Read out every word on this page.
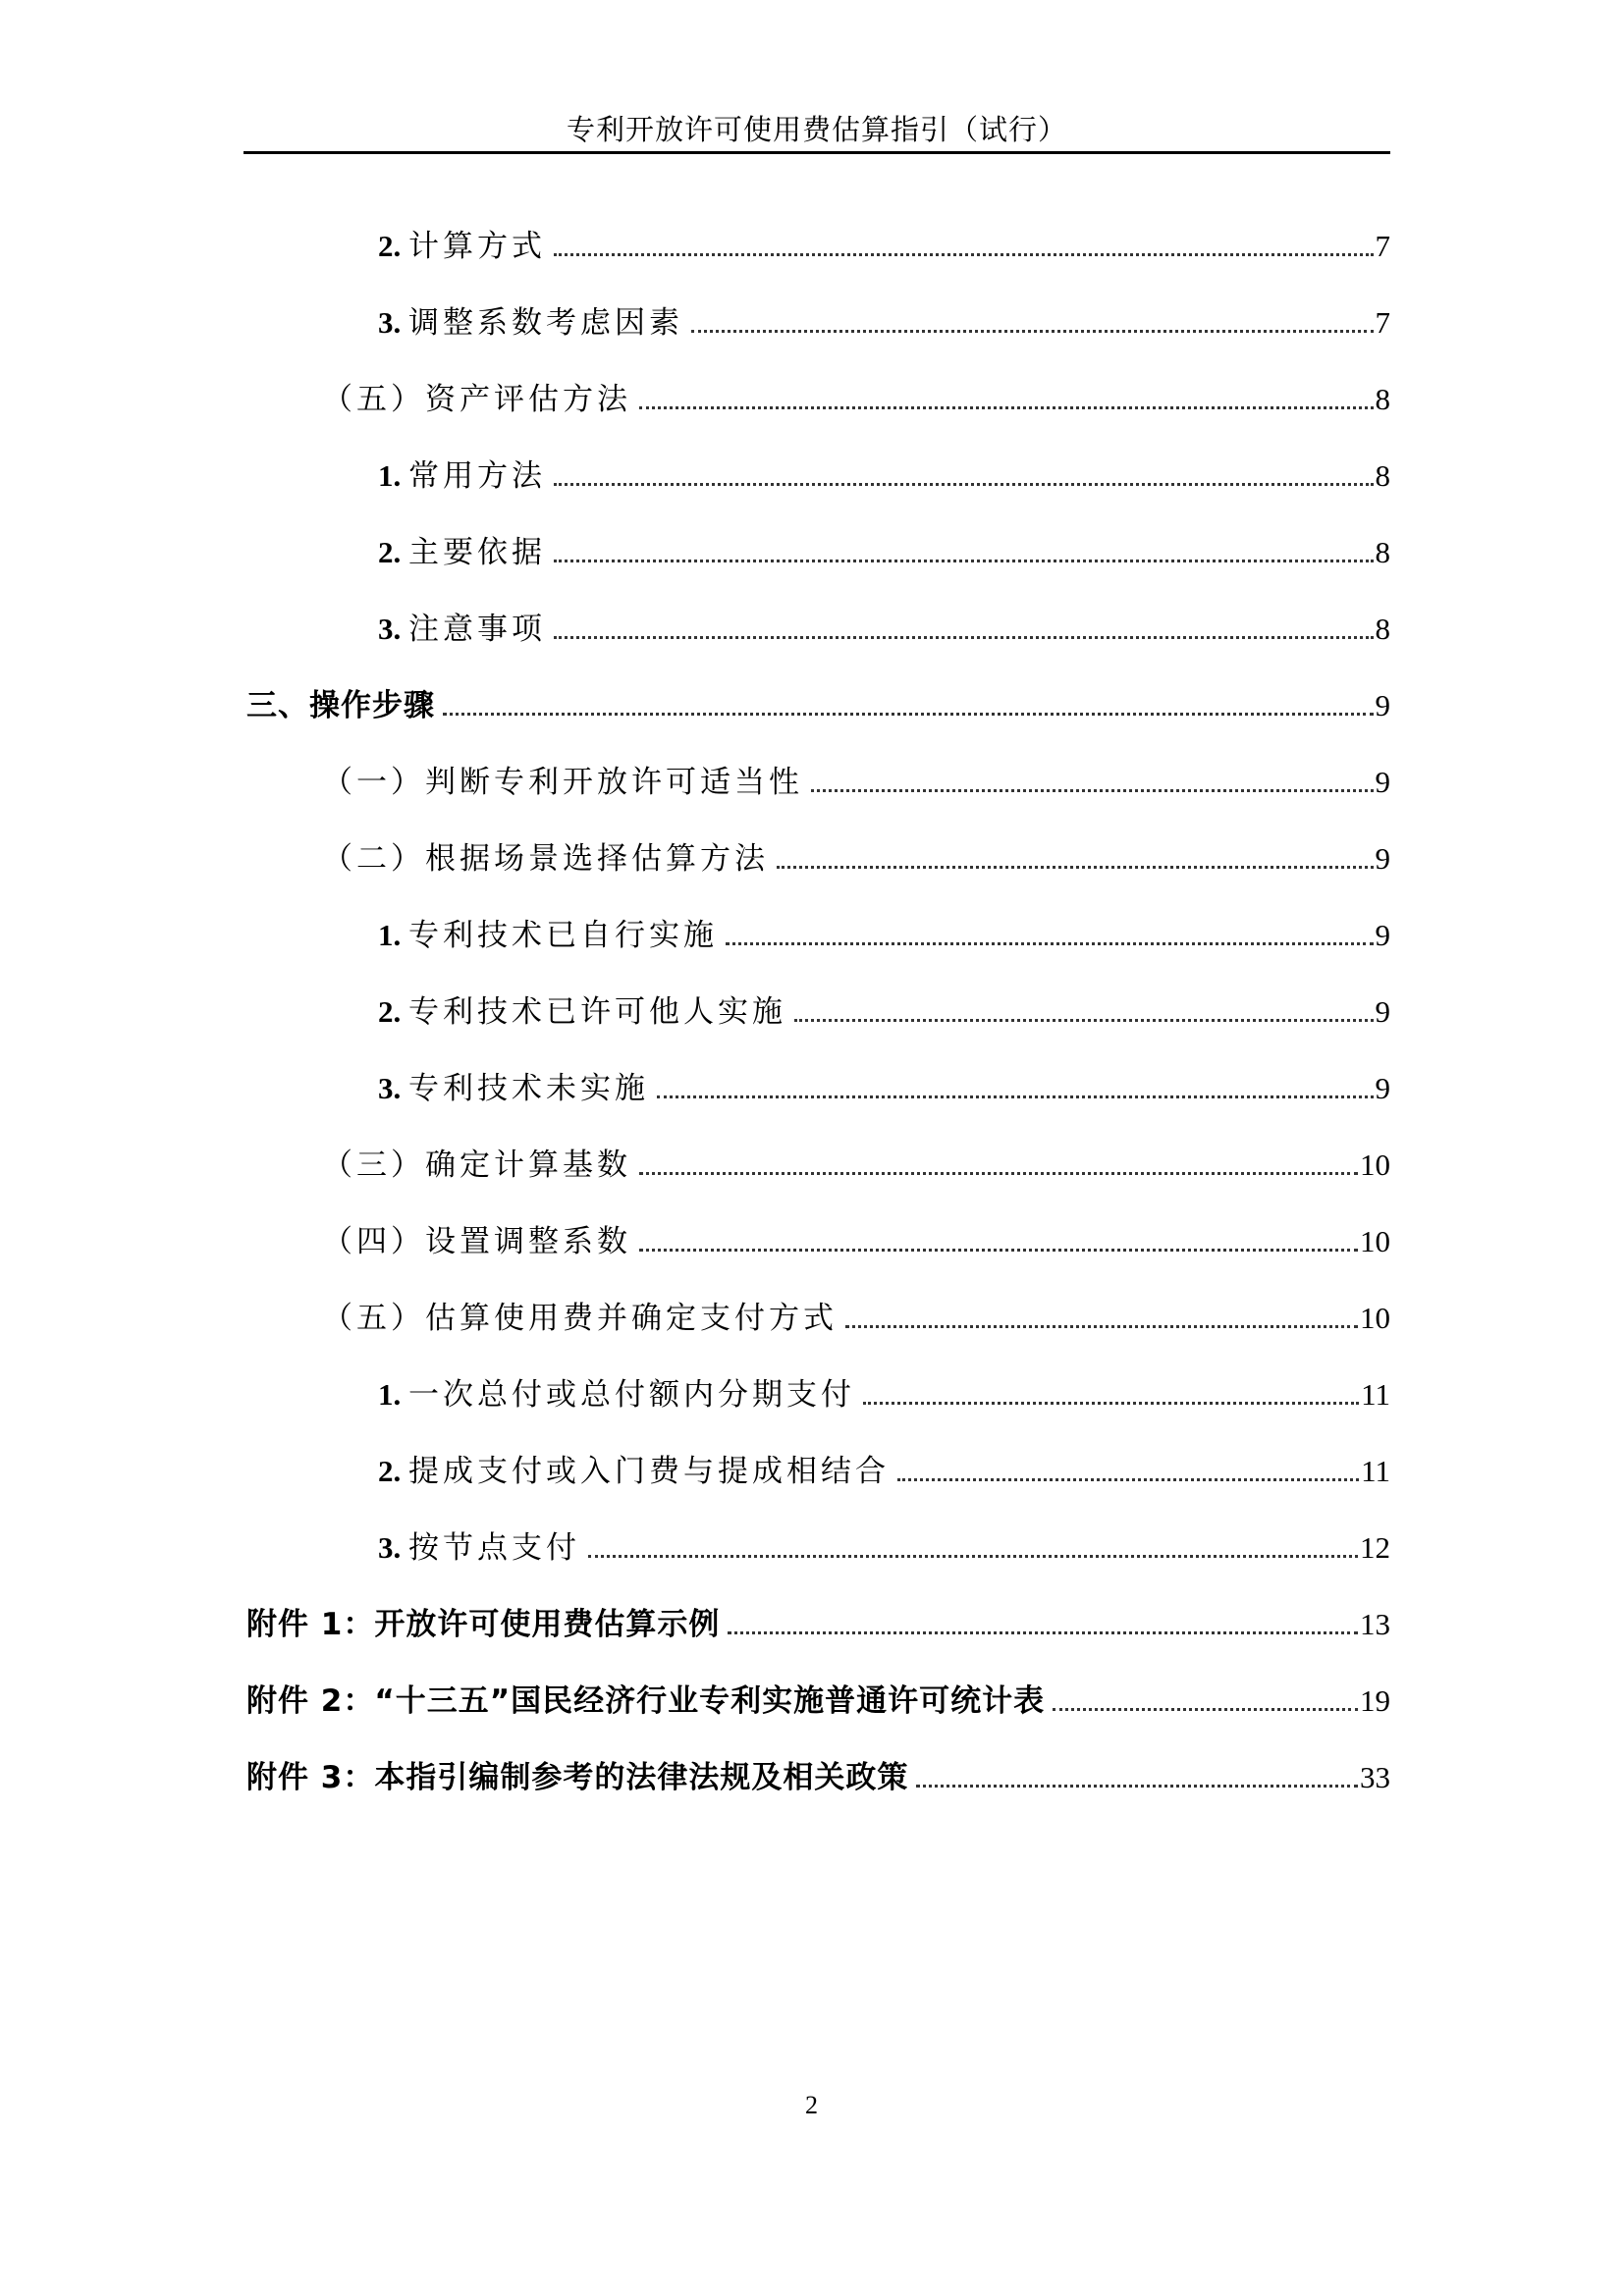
专利开放许可使用费估算指引（试行）
2. 计算方式	7
3. 调整系数考虑因素	7
（五）资产评估方法	8
1. 常用方法	8
2. 主要依据	8
3. 注意事项	8
三、操作步骤	9
（一）判断专利开放许可适当性	9
（二）根据场景选择估算方法	9
1. 专利技术已自行实施	9
2. 专利技术已许可他人实施	9
3. 专利技术未实施	9
（三）确定计算基数	10
（四）设置调整系数	10
（五）估算使用费并确定支付方式	10
1. 一次总付或总付额内分期支付	11
2. 提成支付或入门费与提成相结合	11
3. 按节点支付	12
附件 1：开放许可使用费估算示例	13
附件 2：“十三五”国民经济行业专利实施普通许可统计表	19
附件 3：本指引编制参考的法律法规及相关政策	33
2
